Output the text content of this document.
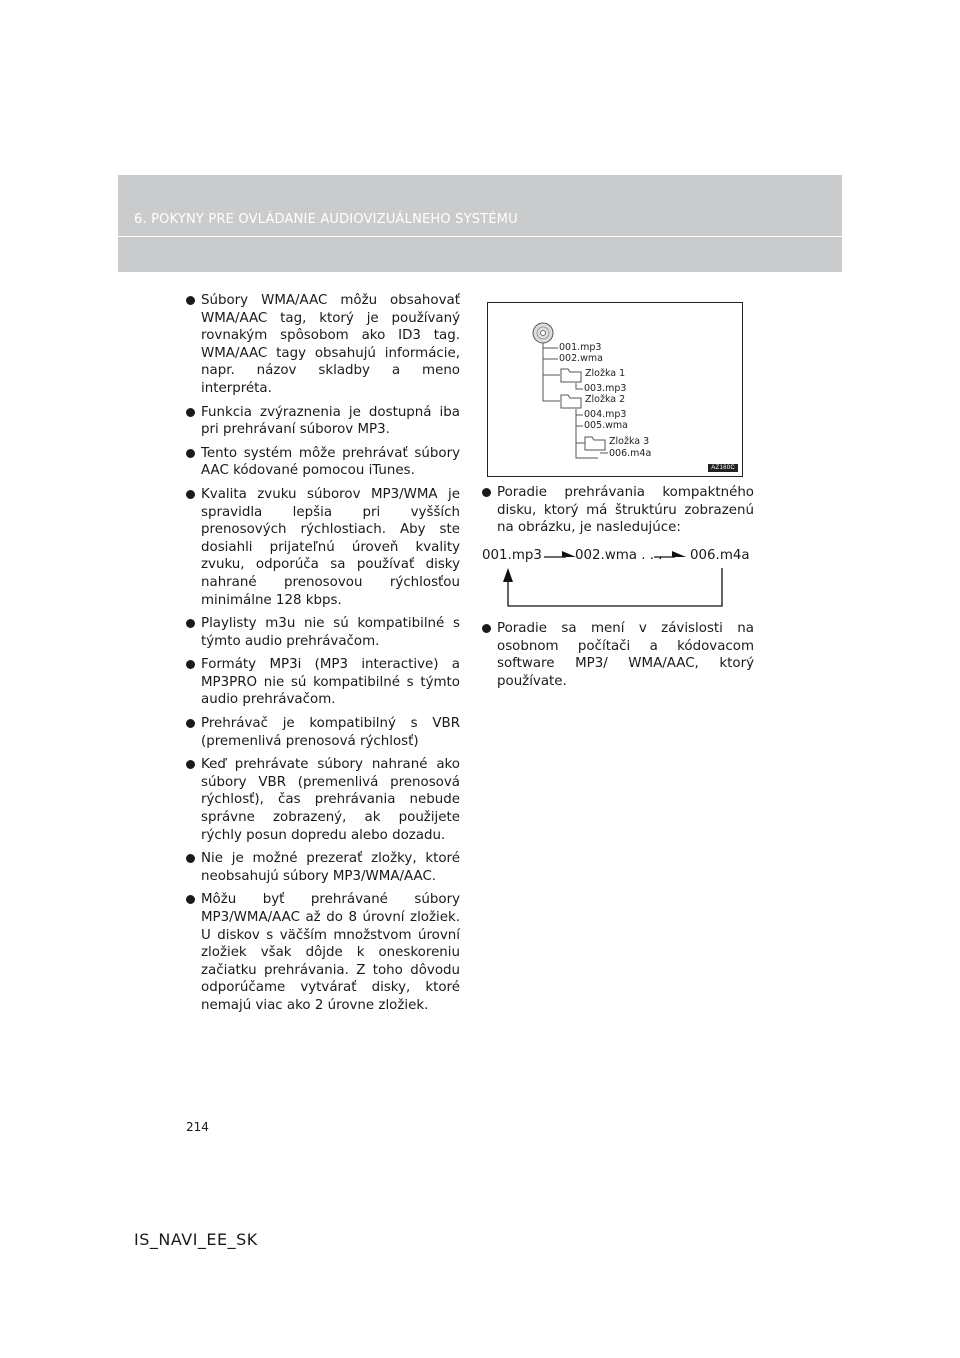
6. POKYNY PRE OVLÁDANIE AUDIOVIZUÁLNEHO SYSTÉMU
Súbory WMA/AAC môžu obsahovať WMA/AAC tag, ktorý je používaný rovnakým spôsobom ako ID3 tag. WMA/AAC tagy obsahujú informácie, napr. názov skladby a meno interpréta.
Funkcia zvýraznenia je dostupná iba pri prehrávaní súborov MP3.
Tento systém môže prehrávať súbory AAC kódované pomocou iTunes.
Kvalita zvuku súborov MP3/WMA je spravidla lepšia pri vyšších prenosových rýchlostiach. Aby ste dosiahli prijateľnú úroveň kvality zvuku, odporúča sa používať disky nahrané prenosovou rýchlosťou minimálne 128 kbps.
Playlisty m3u nie sú kompatibilné s týmto audio prehrávačom.
Formáty MP3i (MP3 interactive) a MP3PRO nie sú kompatibilné s týmto audio prehrávačom.
Prehrávač je kompatibilný s VBR (premenlivá prenosová rýchlosť)
Keď prehrávate súbory nahrané ako súbory VBR (premenlivá prenosová rýchlosť), čas prehrávania nebude správne zobrazený, ak použijete rýchly posun dopredu alebo dozadu.
Nie je možné prezerať zložky, ktoré neobsahujú súbory MP3/WMA/AAC.
Môžu byť prehrávané súbory MP3/WMA/AAC až do 8 úrovní zložiek. U diskov s väčším množstvom úrovní zložiek však dôjde k oneskoreniu začiatku prehrávania. Z toho dôvodu odporúčame vytvárať disky, ktoré nemajú viac ako 2 úrovne zložiek.
001.mp3
002.wma
Zložka 1
003.mp3
Zložka 2
004.mp3
005.wma
Zložka 3
006.m4a
AZ160C
Poradie prehrávania kompaktného disku, ktorý má štruktúru zobrazenú na obrázku, je nasledujúce:
001.mp3 002.wma . . . 006.m4a
Poradie sa mení v závislosti na osobnom počítači a kódovacom software MP3/ WMA/AAC, ktorý používate.
214
IS_NAVI_EE_SK
